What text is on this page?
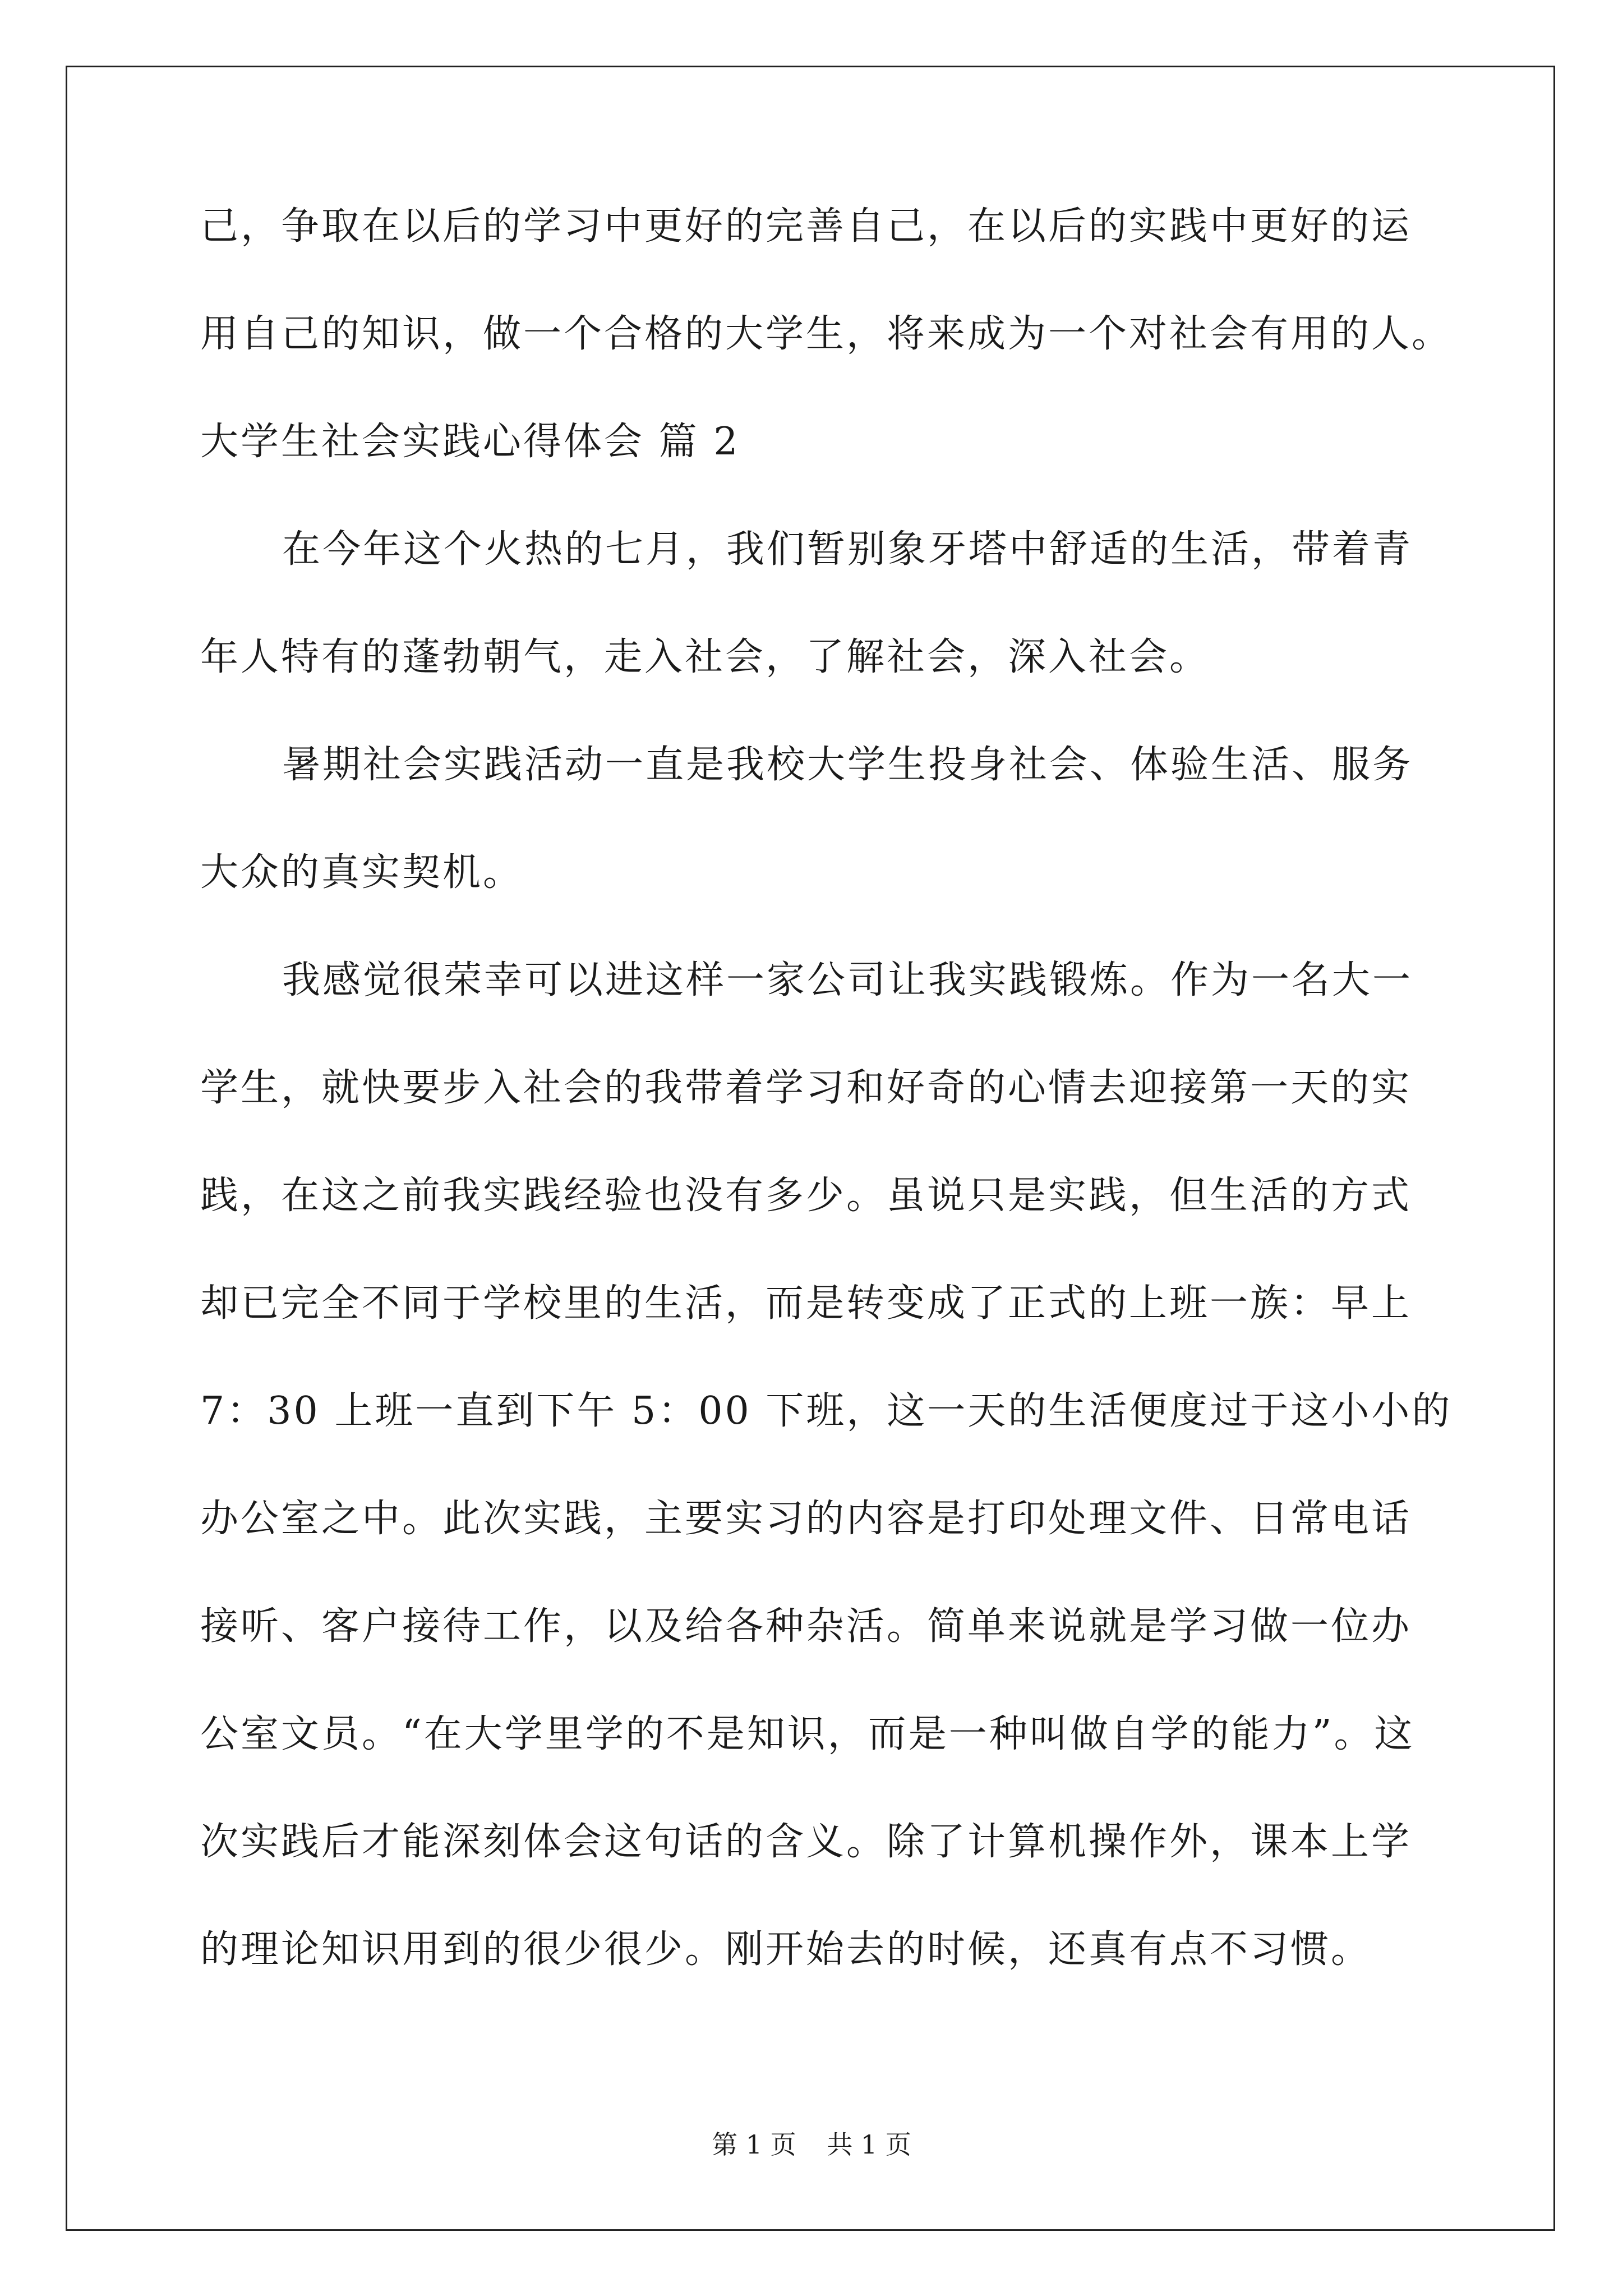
己，争取在以后的学习中更好的完善自己，在以后的实践中更好的运
用自己的知识，做一个合格的大学生，将来成为一个对社会有用的人。
大学生社会实践心得体会 篇 2
在今年这个火热的七月，我们暂别象牙塔中舒适的生活，带着青
年人特有的蓬勃朝气，走入社会，了解社会，深入社会。
暑期社会实践活动一直是我校大学生投身社会、体验生活、服务
大众的真实契机。
我感觉很荣幸可以进这样一家公司让我实践锻炼。作为一名大一
学生，就快要步入社会的我带着学习和好奇的心情去迎接第一天的实
践，在这之前我实践经验也没有多少。虽说只是实践，但生活的方式
却已完全不同于学校里的生活，而是转变成了正式的上班一族：早上
7：30 上班一直到下午 5：00 下班，这一天的生活便度过于这小小的
办公室之中。此次实践，主要实习的内容是打印处理文件、日常电话
接听、客户接待工作，以及给各种杂活。简单来说就是学习做一位办
公室文员。“在大学里学的不是知识，而是一种叫做自学的能力”。这
次实践后才能深刻体会这句话的含义。除了计算机操作外，课本上学
的理论知识用到的很少很少。刚开始去的时候，还真有点不习惯。
第 1 页 共 1 页
